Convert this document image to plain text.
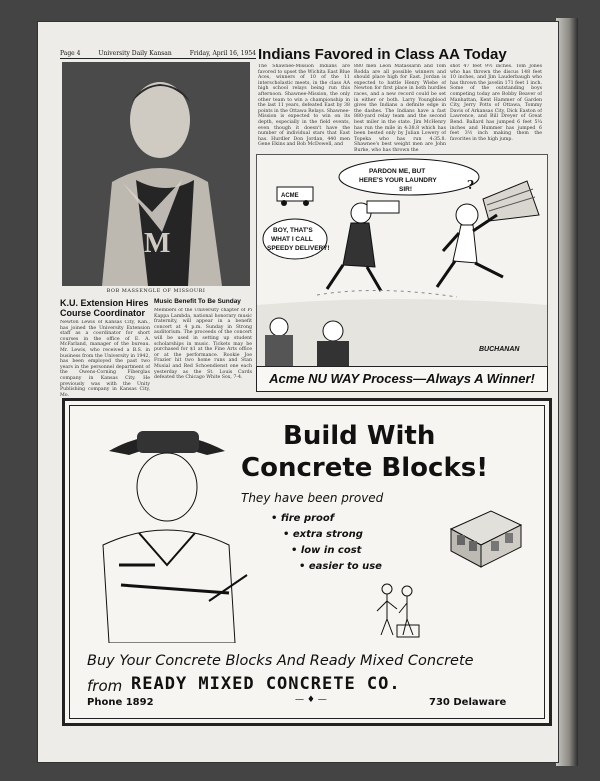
Page 4	University Daily Kansan	Friday, April 16, 1954
M
BOB MASSENGLE OF MISSOURI
Indians Favored in Class AA Today
The Shawnee-Mission Indians are favored to upset the Wichita East Blue Aces, winners of 10 of the 11 interscholastic meets, in the class AA high school relays being run this afternoon. Shawnee-Mission, the only other team to win a championship in the last 11 years, defeated East by 38 points in the Ottawa Relays. Shawnee-Mission is expected to win on its depth, especially in the field events, even though it doesn't have the number of individual stars that East has. Hurdler Don Jordan, 440 men Gene Ekins and Bob McDowell, and
880 men Leon Matassarin and Tom Rodda are all possible winners and should place high for East. Jordan is expected to battle Henry Wiebe of Newton for first place in both hurdles races, and a new record could be set in either or both. Larry Youngblood gives the Indians a definite edge in the dashes. The Indians have a fast 880-yard relay team and the second best miler in the state. Jim McHenry has run the mile in 4:38.8 which has been bested only by Julian Lowery of Topeka who has run 4:35.8. Shawnee's best weight men are John Burke, who has thrown the
shot 47 feet 9½ inches. Tom Jones who has thrown the discus 148 feet 10 inches, and Jim Lauderbaugh who has thrown the javelin 171 feet 1 inch. Some of the outstanding boys competing today are Bobby Beaver of Manhattan, Kent Hammer of Garden City, Jerry Potts of Ottawa, Tommy Davis of Arkansas City, Dick Easton of Lawrence, and Bill Dreyer of Great Bend. Ballard has jumped 6 feet 5¼ inches and Hummer has jumped 6 feet 3½ inch making them the favorites in the high jump.
K.U. Extension Hires Course Coordinator
Newton Lewis of Kansas City, Kan., has joined the University Extension staff as a coordinator for short courses in the office of E. A. McFarland, manager of the bureau. Mr. Lewis, who received a B.S. in business from the University in 1942, has been employed the past two years in the personnel department of the Owens-Corning Fiberglas company in Kansas City. He previously was with the Unity Publishing company in Kansas City, Mo.
Music Benefit To Be Sunday
Members of the University chapter of Pi Kappa Lambda, national honorary music fraternity, will appear in a benefit concert at 4 p.m. Sunday in Strong auditorium. The proceeds of the concert will be used in setting up student scholarships in music. Tickets may be purchased for $1 at the Fine Arts office or at the performance. Rookie Joe Frazier hit two home runs and Stan Musial and Red Schoendienst one each yesterday as the St. Louis Cards defeated the Chicago White Sox, 7-4.
PARDON ME, BUT
HERE'S YOUR LAUNDRY
SIR!	?
BOY, THAT'S
WHAT I CALL
SPEEDY DELIVERY!
ACME
BUCHANAN
Acme NU WAY Process—Always A Winner!
Build With
Concrete Blocks!
They have been proved
• fire proof
• extra strong
• low in cost
• easier to use
Buy Your Concrete Blocks And Ready Mixed Concrete
from READY MIXED CONCRETE CO.
Phone 1892	— ♦ —	730 Delaware
